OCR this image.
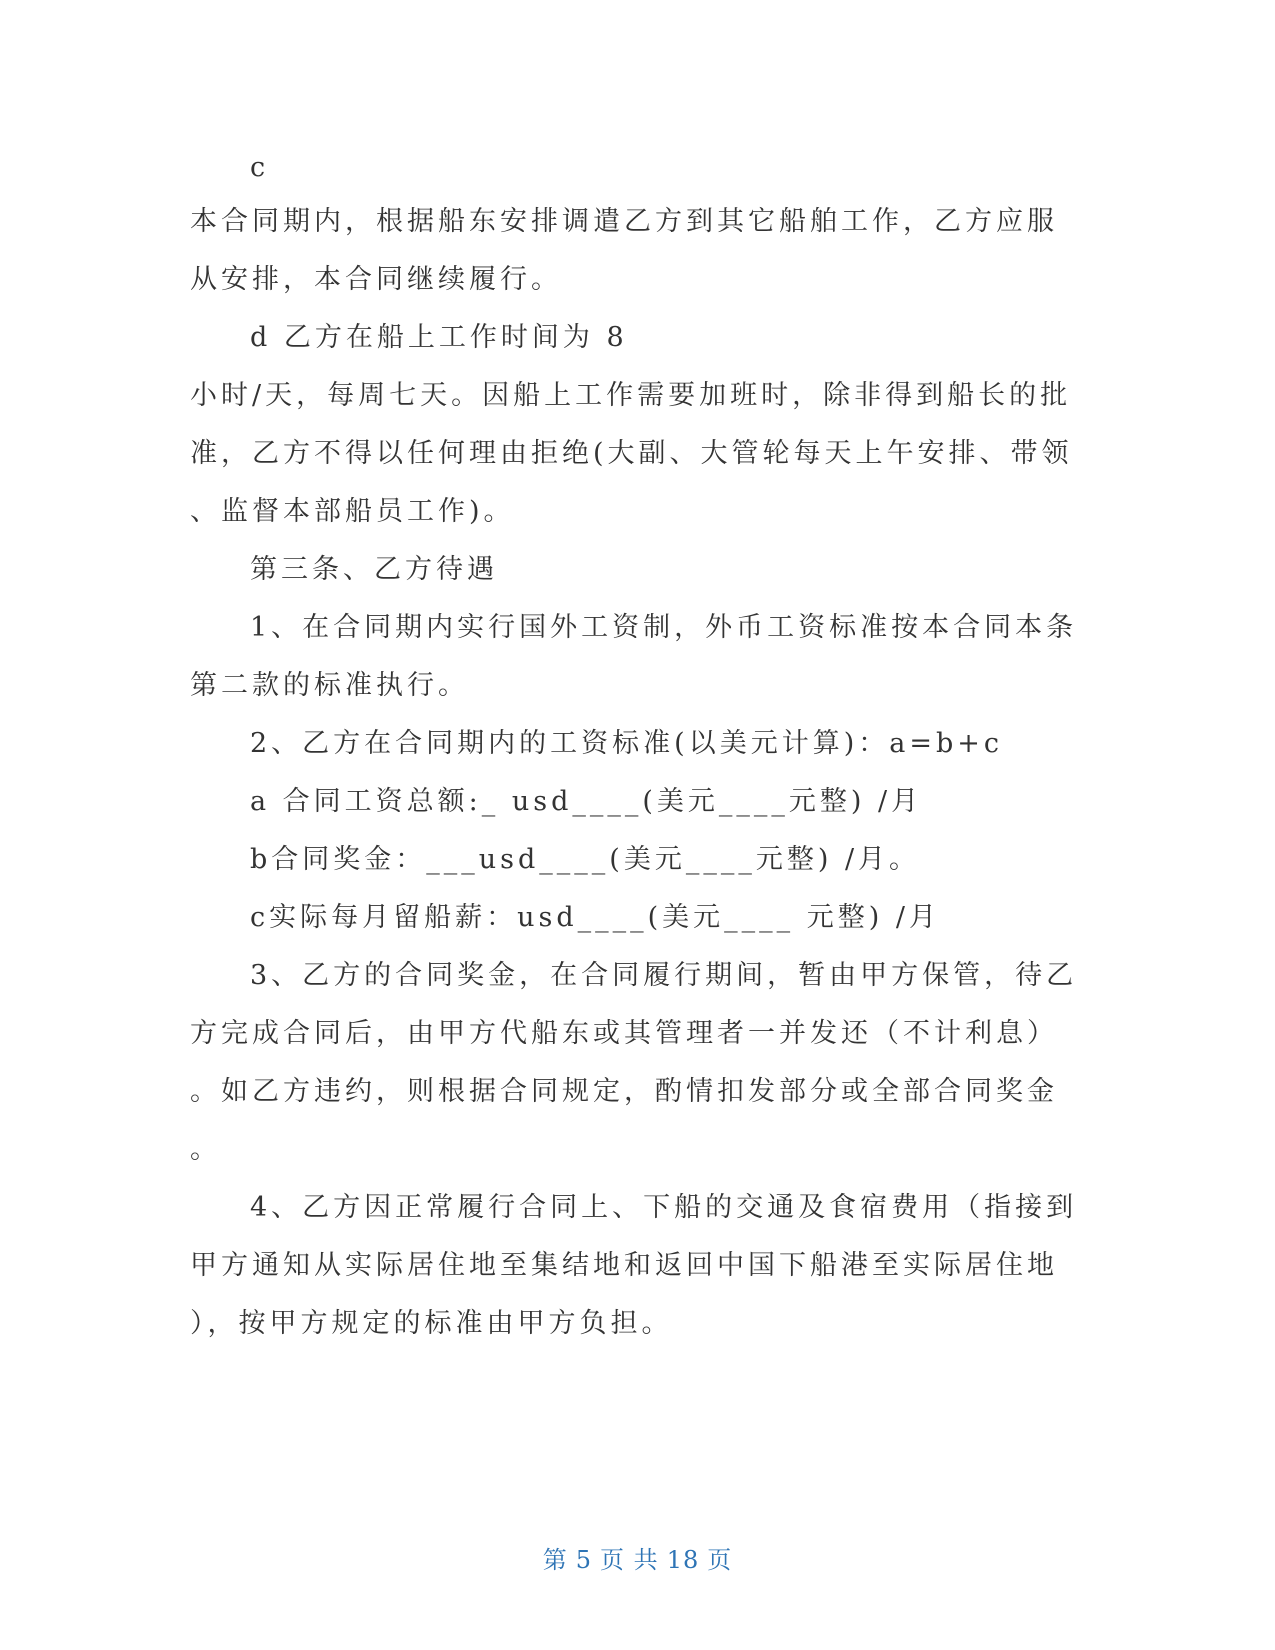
c
本合同期内，根据船东安排调遣乙方到其它船舶工作，乙方应服
从安排，本合同继续履行。
d 乙方在船上工作时间为 8
小时/天，每周七天。因船上工作需要加班时，除非得到船长的批
准，乙方不得以任何理由拒绝(大副、大管轮每天上午安排、带领
、监督本部船员工作)。
第三条、乙方待遇
1、在合同期内实行国外工资制，外币工资标准按本合同本条
第二款的标准执行。
2、乙方在合同期内的工资标准(以美元计算)：a=b+c
a 合同工资总额:_ usd____(美元____元整) /月
b合同奖金：___usd____(美元____元整) /月。
c实际每月留船薪：usd____(美元____ 元整) /月
3、乙方的合同奖金，在合同履行期间，暂由甲方保管，待乙
方完成合同后，由甲方代船东或其管理者一并发还（不计利息）
。如乙方违约，则根据合同规定，酌情扣发部分或全部合同奖金
。
4、乙方因正常履行合同上、下船的交通及食宿费用（指接到
甲方通知从实际居住地至集结地和返回中国下船港至实际居住地
），按甲方规定的标准由甲方负担。
第 5 页 共 18 页
